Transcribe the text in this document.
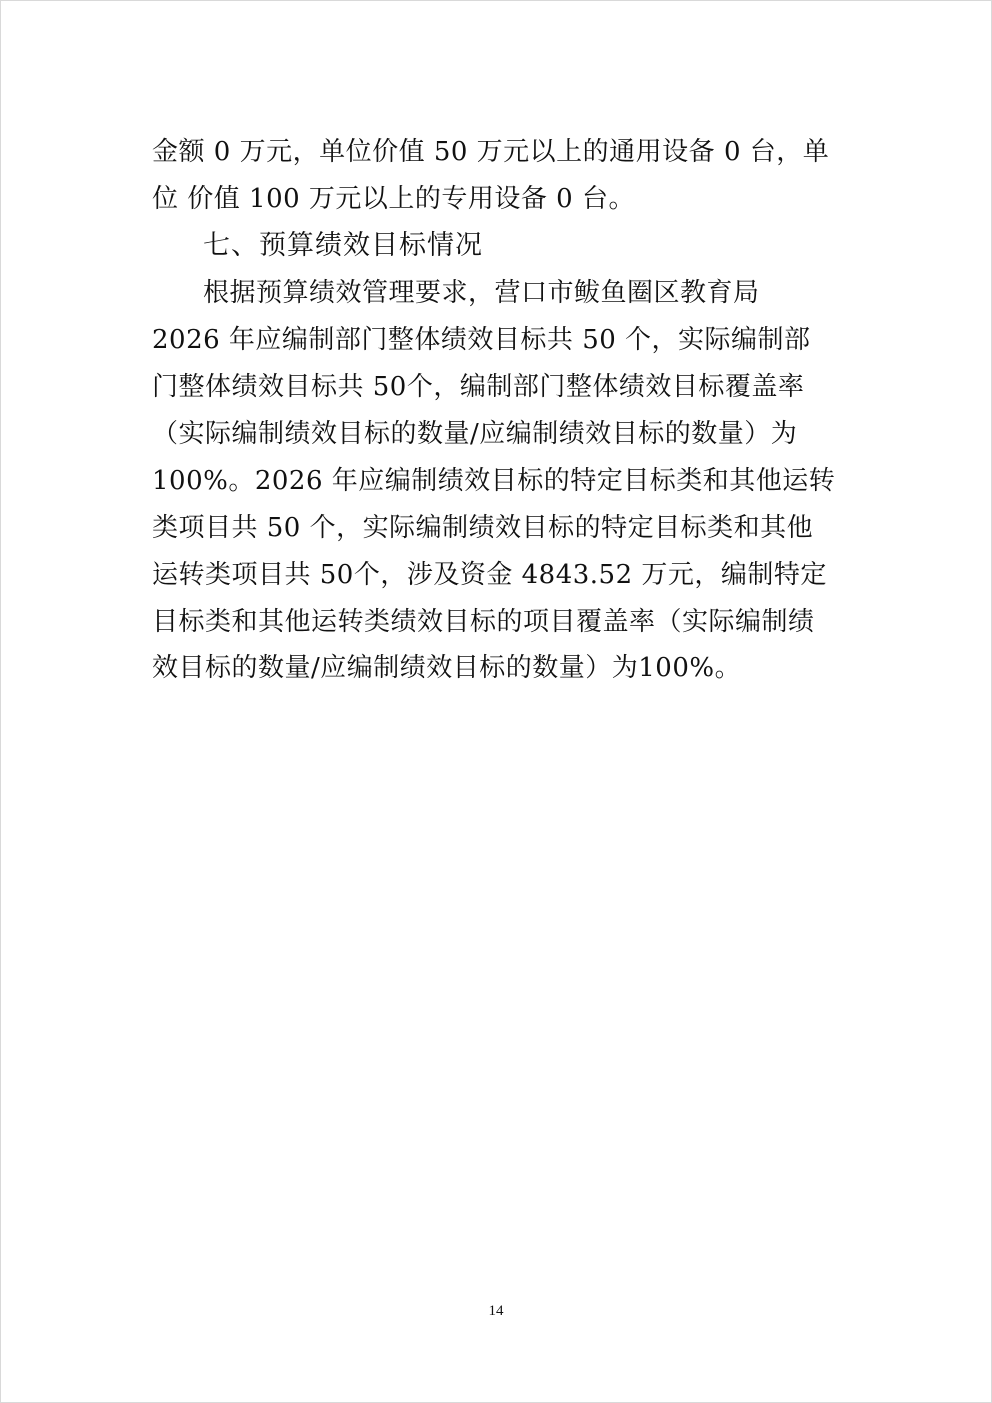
金额 0 万元，单位价值 50 万元以上的通用设备 0 台，单
位 价值 100 万元以上的专用设备 0 台。
七、预算绩效目标情况
根据预算绩效管理要求，营口市鲅鱼圈区教育局
2026 年应编制部门整体绩效目标共 50 个，实际编制部
门整体绩效目标共 50个，编制部门整体绩效目标覆盖率
（实际编制绩效目标的数量/应编制绩效目标的数量）为
100%。2026 年应编制绩效目标的特定目标类和其他运转
类项目共 50 个，实际编制绩效目标的特定目标类和其他
运转类项目共 50个，涉及资金 4843.52 万元，编制特定
目标类和其他运转类绩效目标的项目覆盖率（实际编制绩
效目标的数量/应编制绩效目标的数量）为100%。
14
